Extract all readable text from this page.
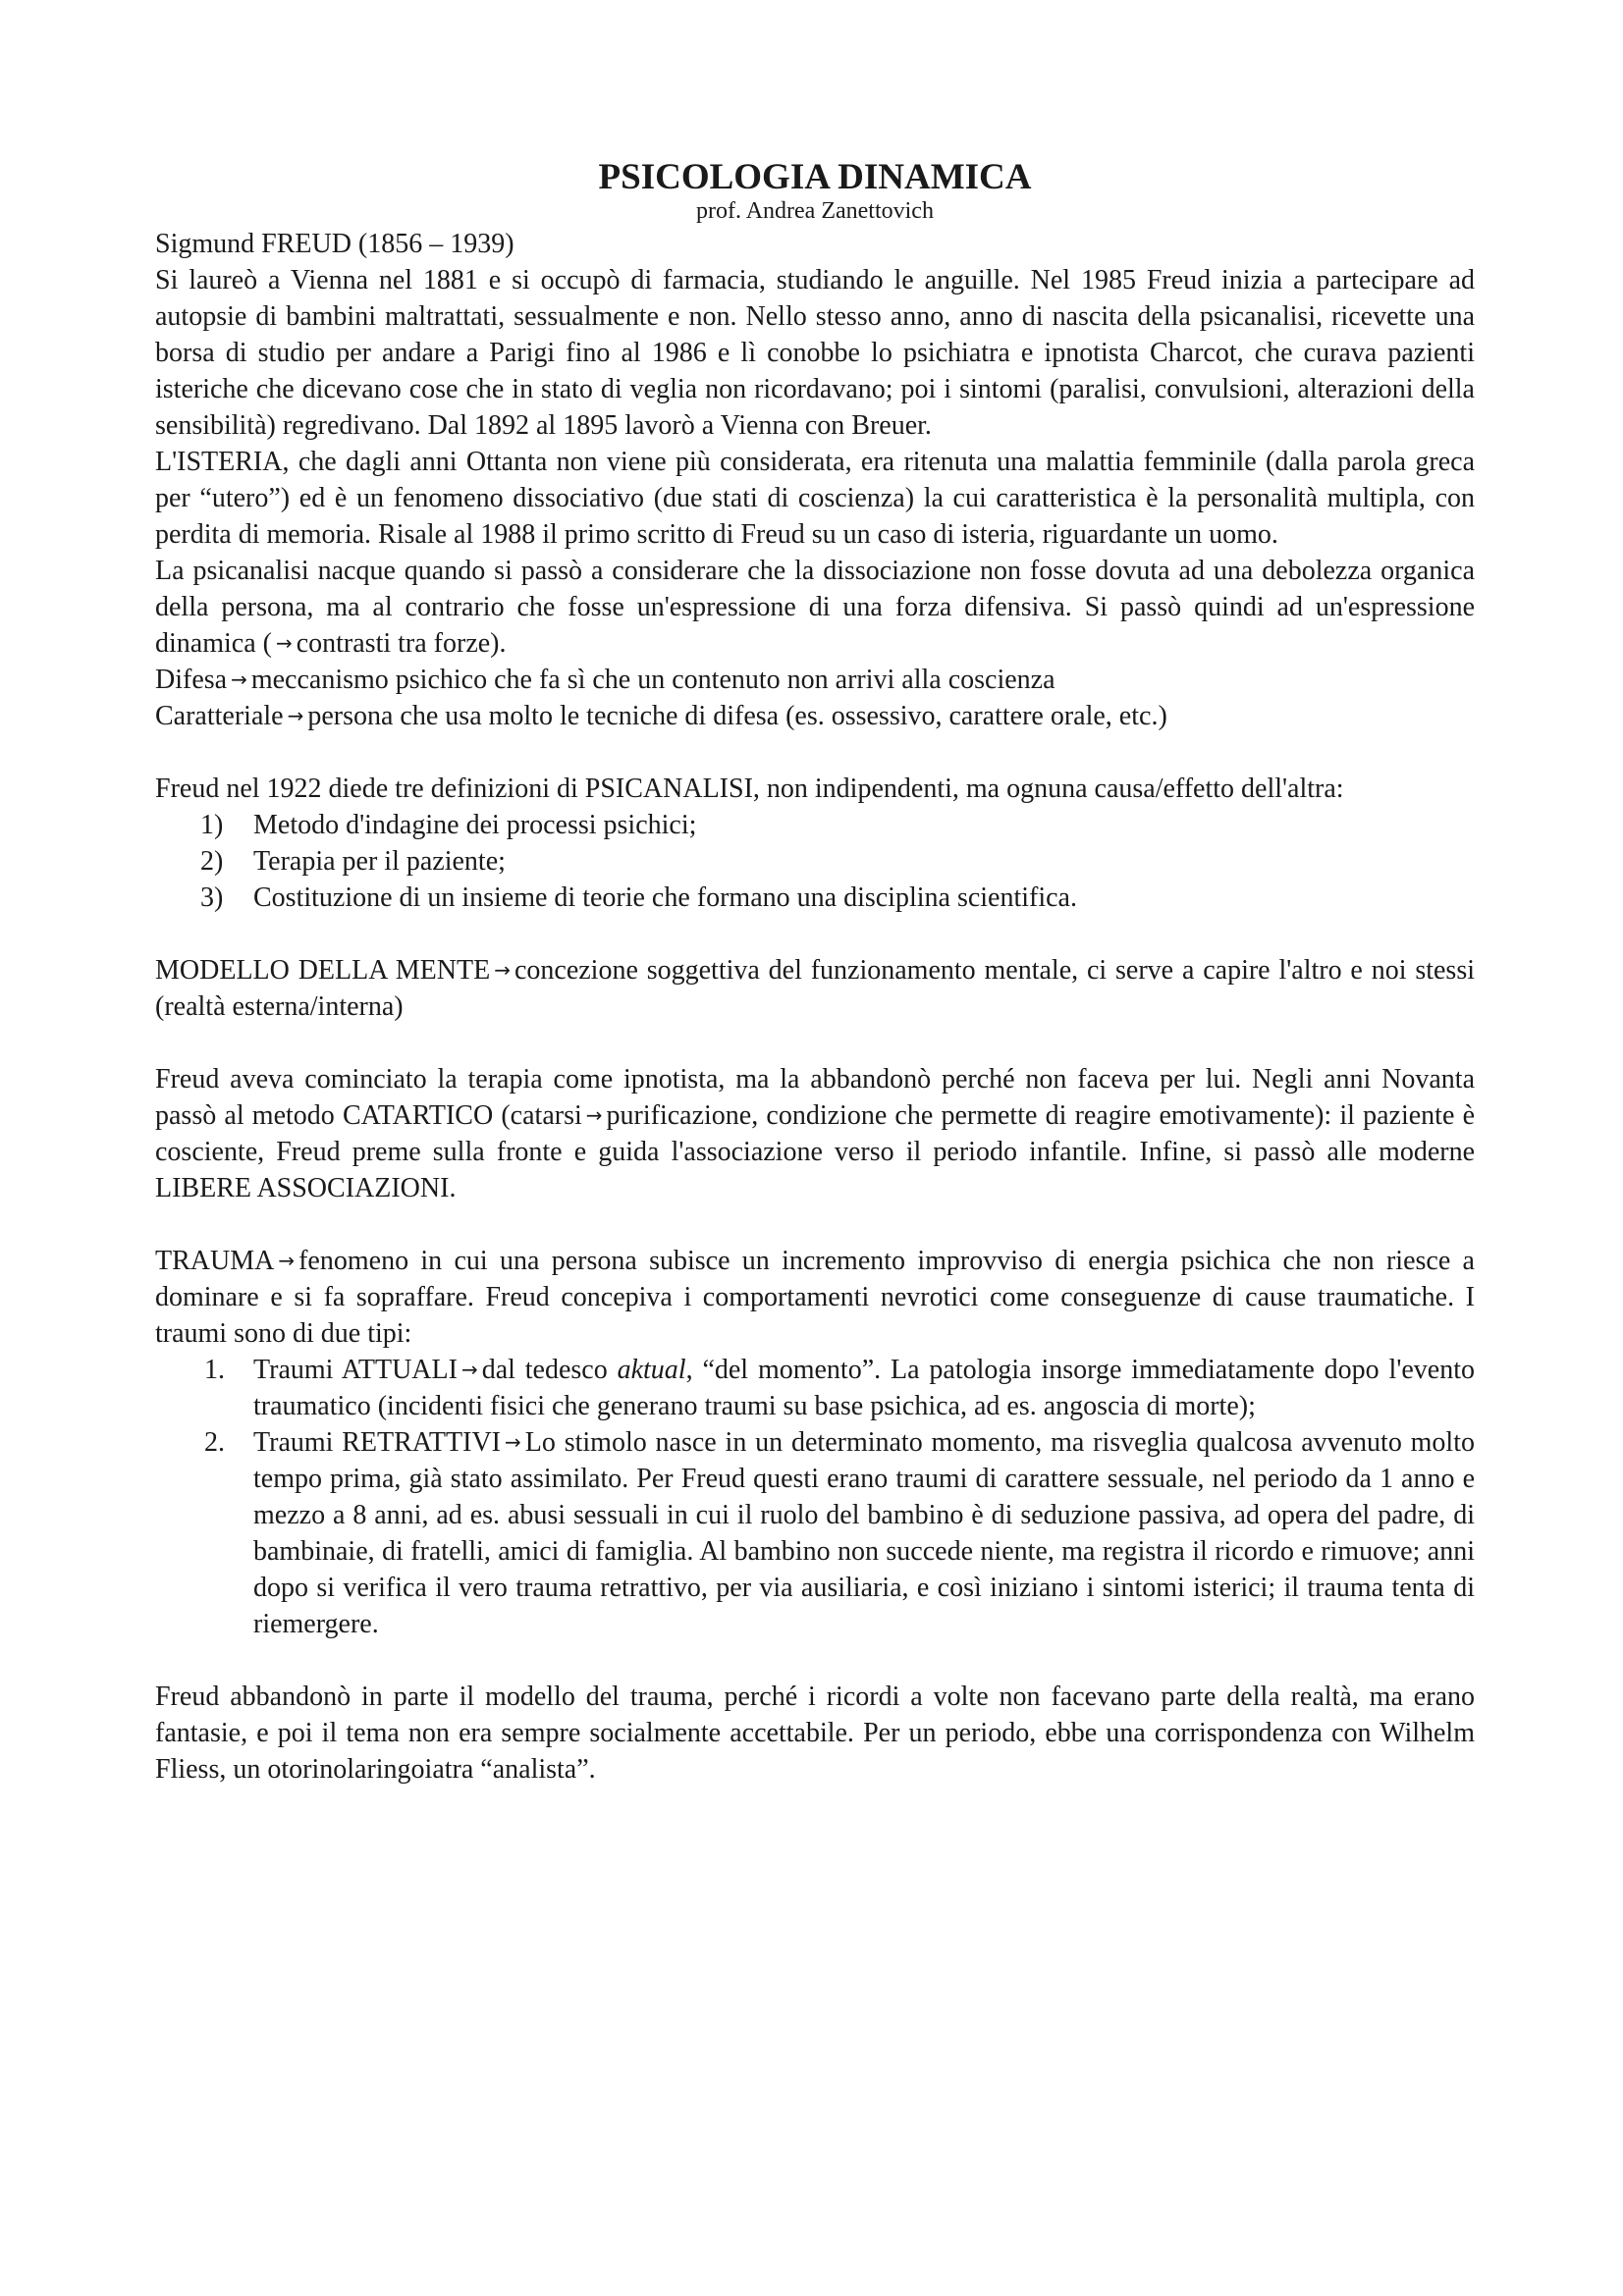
PSICOLOGIA DINAMICA
prof. Andrea Zanettovich

Sigmund FREUD (1856 – 1939)

Si laureò a Vienna nel 1881 e si occupò di farmacia, studiando le anguille. Nel 1985 Freud inizia a partecipare ad autopsie di bambini maltrattati, sessualmente e non. Nello stesso anno, anno di nascita della psicanalisi, ricevette una borsa di studio per andare a Parigi fino al 1986 e lì conobbe lo psichiatra e ipnotista Charcot, che curava pazienti isteriche che dicevano cose che in stato di veglia non ricordavano; poi i sintomi (paralisi, convulsioni, alterazioni della sensibilità) regredivano. Dal 1892 al 1895 lavorò a Vienna con Breuer.

L'ISTERIA, che dagli anni Ottanta non viene più considerata, era ritenuta una malattia femminile (dalla parola greca per “utero”) ed è un fenomeno dissociativo (due stati di coscienza) la cui caratteristica è la personalità multipla, con perdita di memoria. Risale al 1988 il primo scritto di Freud su un caso di isteria, riguardante un uomo.

La psicanalisi nacque quando si passò a considerare che la dissociazione non fosse dovuta ad una debolezza organica della persona, ma al contrario che fosse un'espressione di una forza difensiva. Si passò quindi ad un'espressione dinamica ( → contrasti tra forze).

Difesa → meccanismo psichico che fa sì che un contenuto non arrivi alla coscienza

Caratteriale → persona che usa molto le tecniche di difesa (es. ossessivo, carattere orale, etc.)

Freud nel 1922 diede tre definizioni di PSICANALISI, non indipendenti, ma ognuna causa/effetto dell'altra:

1) Metodo d'indagine dei processi psichici;
2) Terapia per il paziente;
3) Costituzione di un insieme di teorie che formano una disciplina scientifica.

MODELLO DELLA MENTE → concezione soggettiva del funzionamento mentale, ci serve a capire l'altro e noi stessi (realtà esterna/interna)

Freud aveva cominciato la terapia come ipnotista, ma la abbandonò perché non faceva per lui. Negli anni Novanta passò al metodo CATARTICO (catarsi → purificazione, condizione che permette di reagire emotivamente): il paziente è cosciente, Freud preme sulla fronte e guida l'associazione verso il periodo infantile. Infine, si passò alle moderne LIBERE ASSOCIAZIONI.

TRAUMA → fenomeno in cui una persona subisce un incremento improvviso di energia psichica che non riesce a dominare e si fa sopraffare. Freud concepiva i comportamenti nevrotici come conseguenze di cause traumatiche. I traumi sono di due tipi:

1. Traumi ATTUALI → dal tedesco aktual, “del momento”. La patologia insorge immediatamente dopo l'evento traumatico (incidenti fisici che generano traumi su base psichica, ad es. angoscia di morte);
2. Traumi RETRATTIVI → Lo stimolo nasce in un determinato momento, ma risveglia qualcosa avvenuto molto tempo prima, già stato assimilato. Per Freud questi erano traumi di carattere sessuale, nel periodo da 1 anno e mezzo a 8 anni, ad es. abusi sessuali in cui il ruolo del bambino è di seduzione passiva, ad opera del padre, di bambinaie, di fratelli, amici di famiglia. Al bambino non succede niente, ma registra il ricordo e rimuove; anni dopo si verifica il vero trauma retrattivo, per via ausiliaria, e così iniziano i sintomi isterici; il trauma tenta di riemergere.

Freud abbandonò in parte il modello del trauma, perché i ricordi a volte non facevano parte della realtà, ma erano fantasie, e poi il tema non era sempre socialmente accettabile. Per un periodo, ebbe una corrispondenza con Wilhelm Fliess, un otorinolaringoiatra “analista”.
